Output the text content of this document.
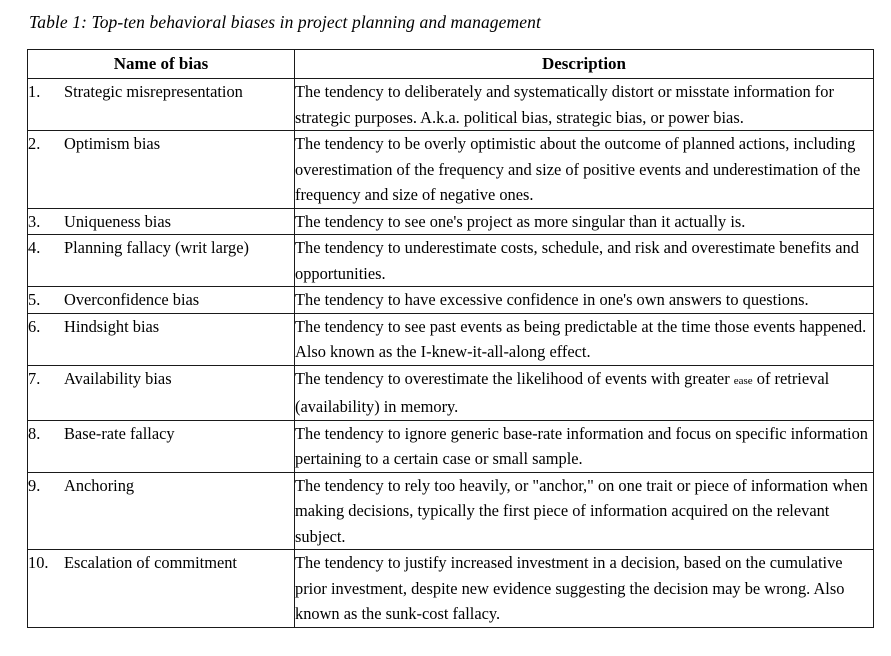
Table 1: Top-ten behavioral biases in project planning and management
Name of bias	Description
1. Strategic misrepresentation	The tendency to deliberately and systematically distort or misstate information for strategic purposes. A.k.a. political bias, strategic bias, or power bias.

2. Optimism bias	The tendency to be overly optimistic about the outcome of planned actions, including overestimation of the frequency and size of positive events and underestimation of the frequency and size of negative ones.

3. Uniqueness bias	The tendency to see one's project as more singular than it actually is.

4. Planning fallacy (writ large)	The tendency to underestimate costs, schedule, and risk and overestimate benefits and opportunities.

5. Overconfidence bias	The tendency to have excessive confidence in one's own answers to questions.

6. Hindsight bias	The tendency to see past events as being predictable at the time those events happened. Also known as the I-knew-it-all-along effect.

7. Availability bias	The tendency to overestimate the likelihood of events with greater ease of retrieval (availability) in memory.

8. Base-rate fallacy	The tendency to ignore generic base-rate information and focus on specific information pertaining to a certain case or small sample.

9. Anchoring	The tendency to rely too heavily, or "anchor," on one trait or piece of information when making decisions, typically the first piece of information acquired on the relevant subject.

10. Escalation of commitment	The tendency to justify increased investment in a decision, based on the cumulative prior investment, despite new evidence suggesting the decision may be wrong. Also known as the sunk-cost fallacy.
